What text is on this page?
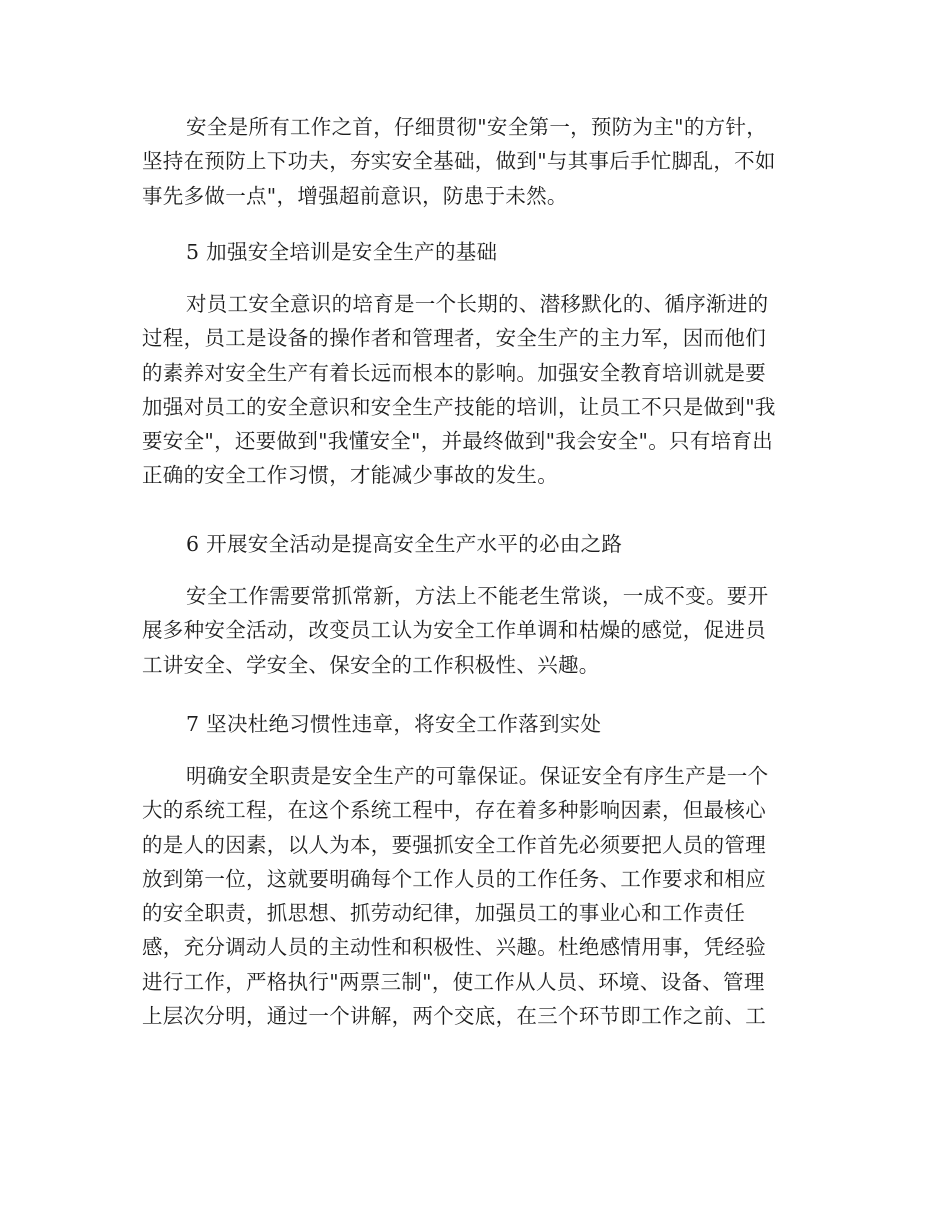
安全是所有工作之首，仔细贯彻"安全第一，预防为主"的方针，
坚持在预防上下功夫，夯实安全基础，做到"与其事后手忙脚乱，不如
事先多做一点"，增强超前意识，防患于未然。
5 加强安全培训是安全生产的基础
对员工安全意识的培育是一个长期的、潜移默化的、循序渐进的
过程，员工是设备的操作者和管理者，安全生产的主力军，因而他们
的素养对安全生产有着长远而根本的影响。加强安全教育培训就是要
加强对员工的安全意识和安全生产技能的培训，让员工不只是做到"我
要安全"，还要做到"我懂安全"，并最终做到"我会安全"。只有培育出
正确的安全工作习惯，才能减少事故的发生。
6 开展安全活动是提高安全生产水平的必由之路
安全工作需要常抓常新，方法上不能老生常谈，一成不变。要开
展多种安全活动，改变员工认为安全工作单调和枯燥的感觉，促进员
工讲安全、学安全、保安全的工作积极性、兴趣。
7 坚决杜绝习惯性违章，将安全工作落到实处
明确安全职责是安全生产的可靠保证。保证安全有序生产是一个
大的系统工程，在这个系统工程中，存在着多种影响因素，但最核心
的是人的因素，以人为本，要强抓安全工作首先必须要把人员的管理
放到第一位，这就要明确每个工作人员的工作任务、工作要求和相应
的安全职责，抓思想、抓劳动纪律，加强员工的事业心和工作责任
感，充分调动人员的主动性和积极性、兴趣。杜绝感情用事，凭经验
进行工作，严格执行"两票三制"，使工作从人员、环境、设备、管理
上层次分明，通过一个讲解，两个交底，在三个环节即工作之前、工
